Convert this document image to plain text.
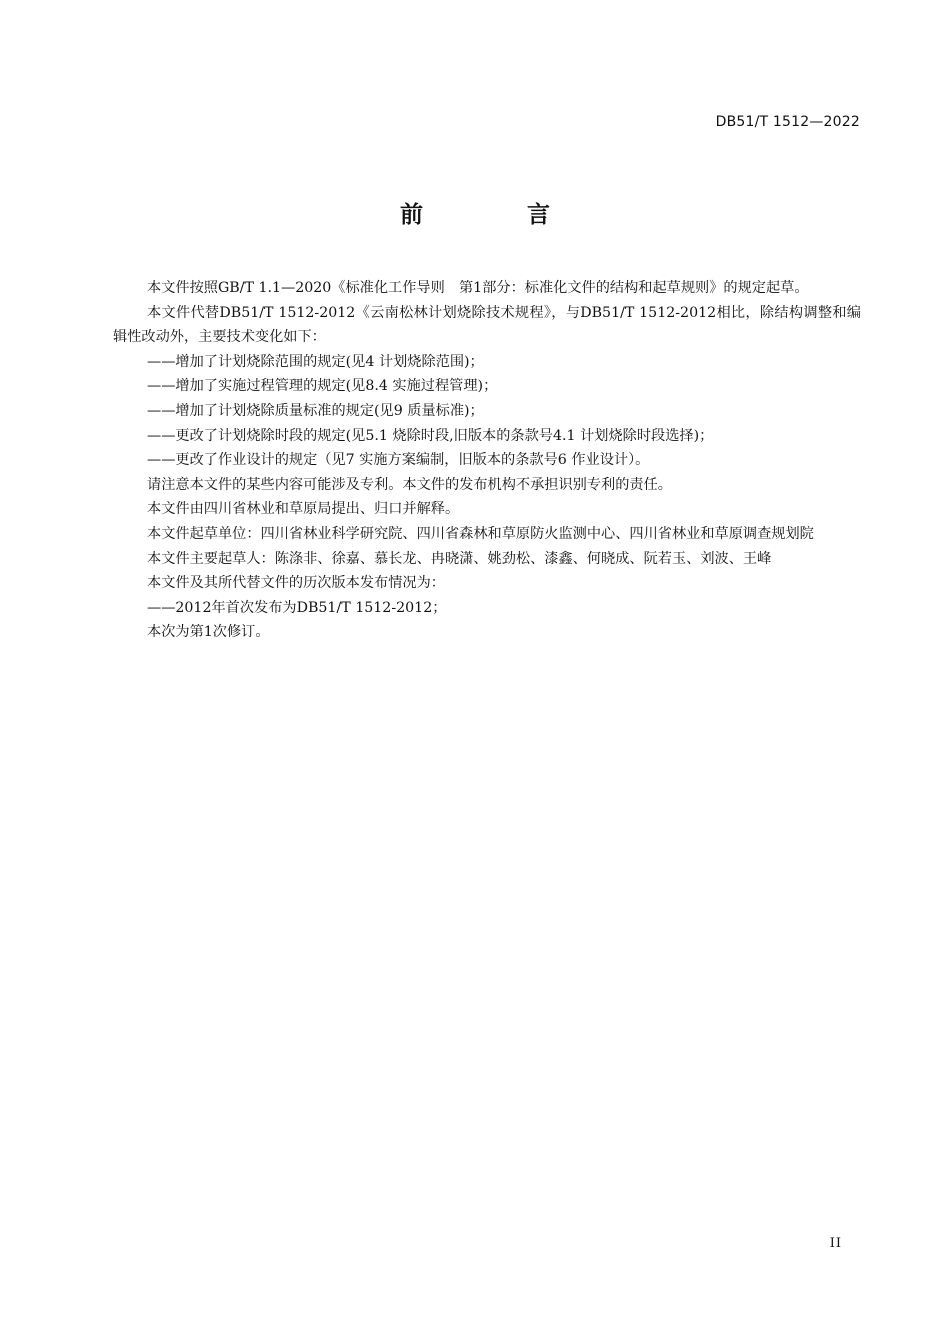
DB51/T 1512—2022
前 言

本文件按照GB/T 1.1—2020《标准化工作导则　第1部分：标准化文件的结构和起草规则》的规定起草。

本文件代替DB51/T 1512-2012《云南松林计划烧除技术规程》，与DB51/T 1512-2012相比，除结构调整和编辑性改动外，主要技术变化如下：

——增加了计划烧除范围的规定(见4 计划烧除范围)；

——增加了实施过程管理的规定(见8.4 实施过程管理)；

——增加了计划烧除质量标准的规定(见9 质量标准)；

——更改了计划烧除时段的规定(见5.1 烧除时段,旧版本的条款号4.1 计划烧除时段选择)；

——更改了作业设计的规定（见7 实施方案编制，旧版本的条款号6 作业设计）。

请注意本文件的某些内容可能涉及专利。本文件的发布机构不承担识别专利的责任。

本文件由四川省林业和草原局提出、归口并解释。

本文件起草单位：四川省林业科学研究院、四川省森林和草原防火监测中心、四川省林业和草原调查规划院

本文件主要起草人：陈涤非、徐嘉、慕长龙、冉晓潇、姚劲松、漆鑫、何晓成、阮若玉、刘波、王峰

本文件及其所代替文件的历次版本发布情况为：

——2012年首次发布为DB51/T 1512-2012；

本次为第1次修订。

II
